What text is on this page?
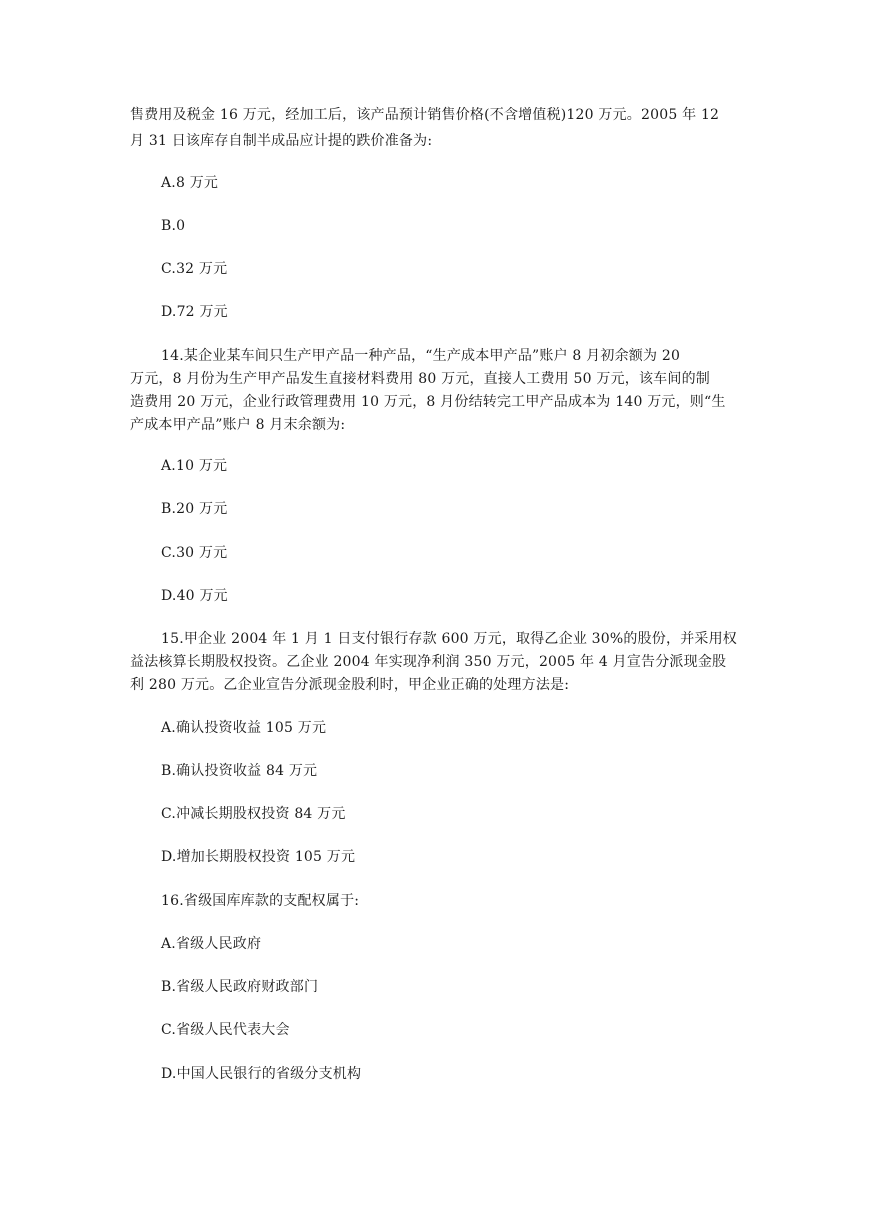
售费用及税金 16 万元，经加工后，该产品预计销售价格(不含增值税)120 万元。2005 年 12
月 31 日该库存自制半成品应计提的跌价准备为:
A.8 万元
B.0
C.32 万元
D.72 万元
14.某企业某车间只生产甲产品一种产品，“生产成本甲产品”账户 8 月初余额为 20
万元，8 月份为生产甲产品发生直接材料费用 80 万元，直接人工费用 50 万元，该车间的制
造费用 20 万元，企业行政管理费用 10 万元，8 月份结转完工甲产品成本为 140 万元，则“生
产成本甲产品”账户 8 月末余额为:
A.10 万元
B.20 万元
C.30 万元
D.40 万元
15.甲企业 2004 年 1 月 1 日支付银行存款 600 万元，取得乙企业 30%的股份，并采用权
益法核算长期股权投资。乙企业 2004 年实现净利润 350 万元，2005 年 4 月宣告分派现金股
利 280 万元。乙企业宣告分派现金股利时，甲企业正确的处理方法是:
A.确认投资收益 105 万元
B.确认投资收益 84 万元
C.冲减长期股权投资 84 万元
D.增加长期股权投资 105 万元
16.省级国库库款的支配权属于:
A.省级人民政府
B.省级人民政府财政部门
C.省级人民代表大会
D.中国人民银行的省级分支机构
